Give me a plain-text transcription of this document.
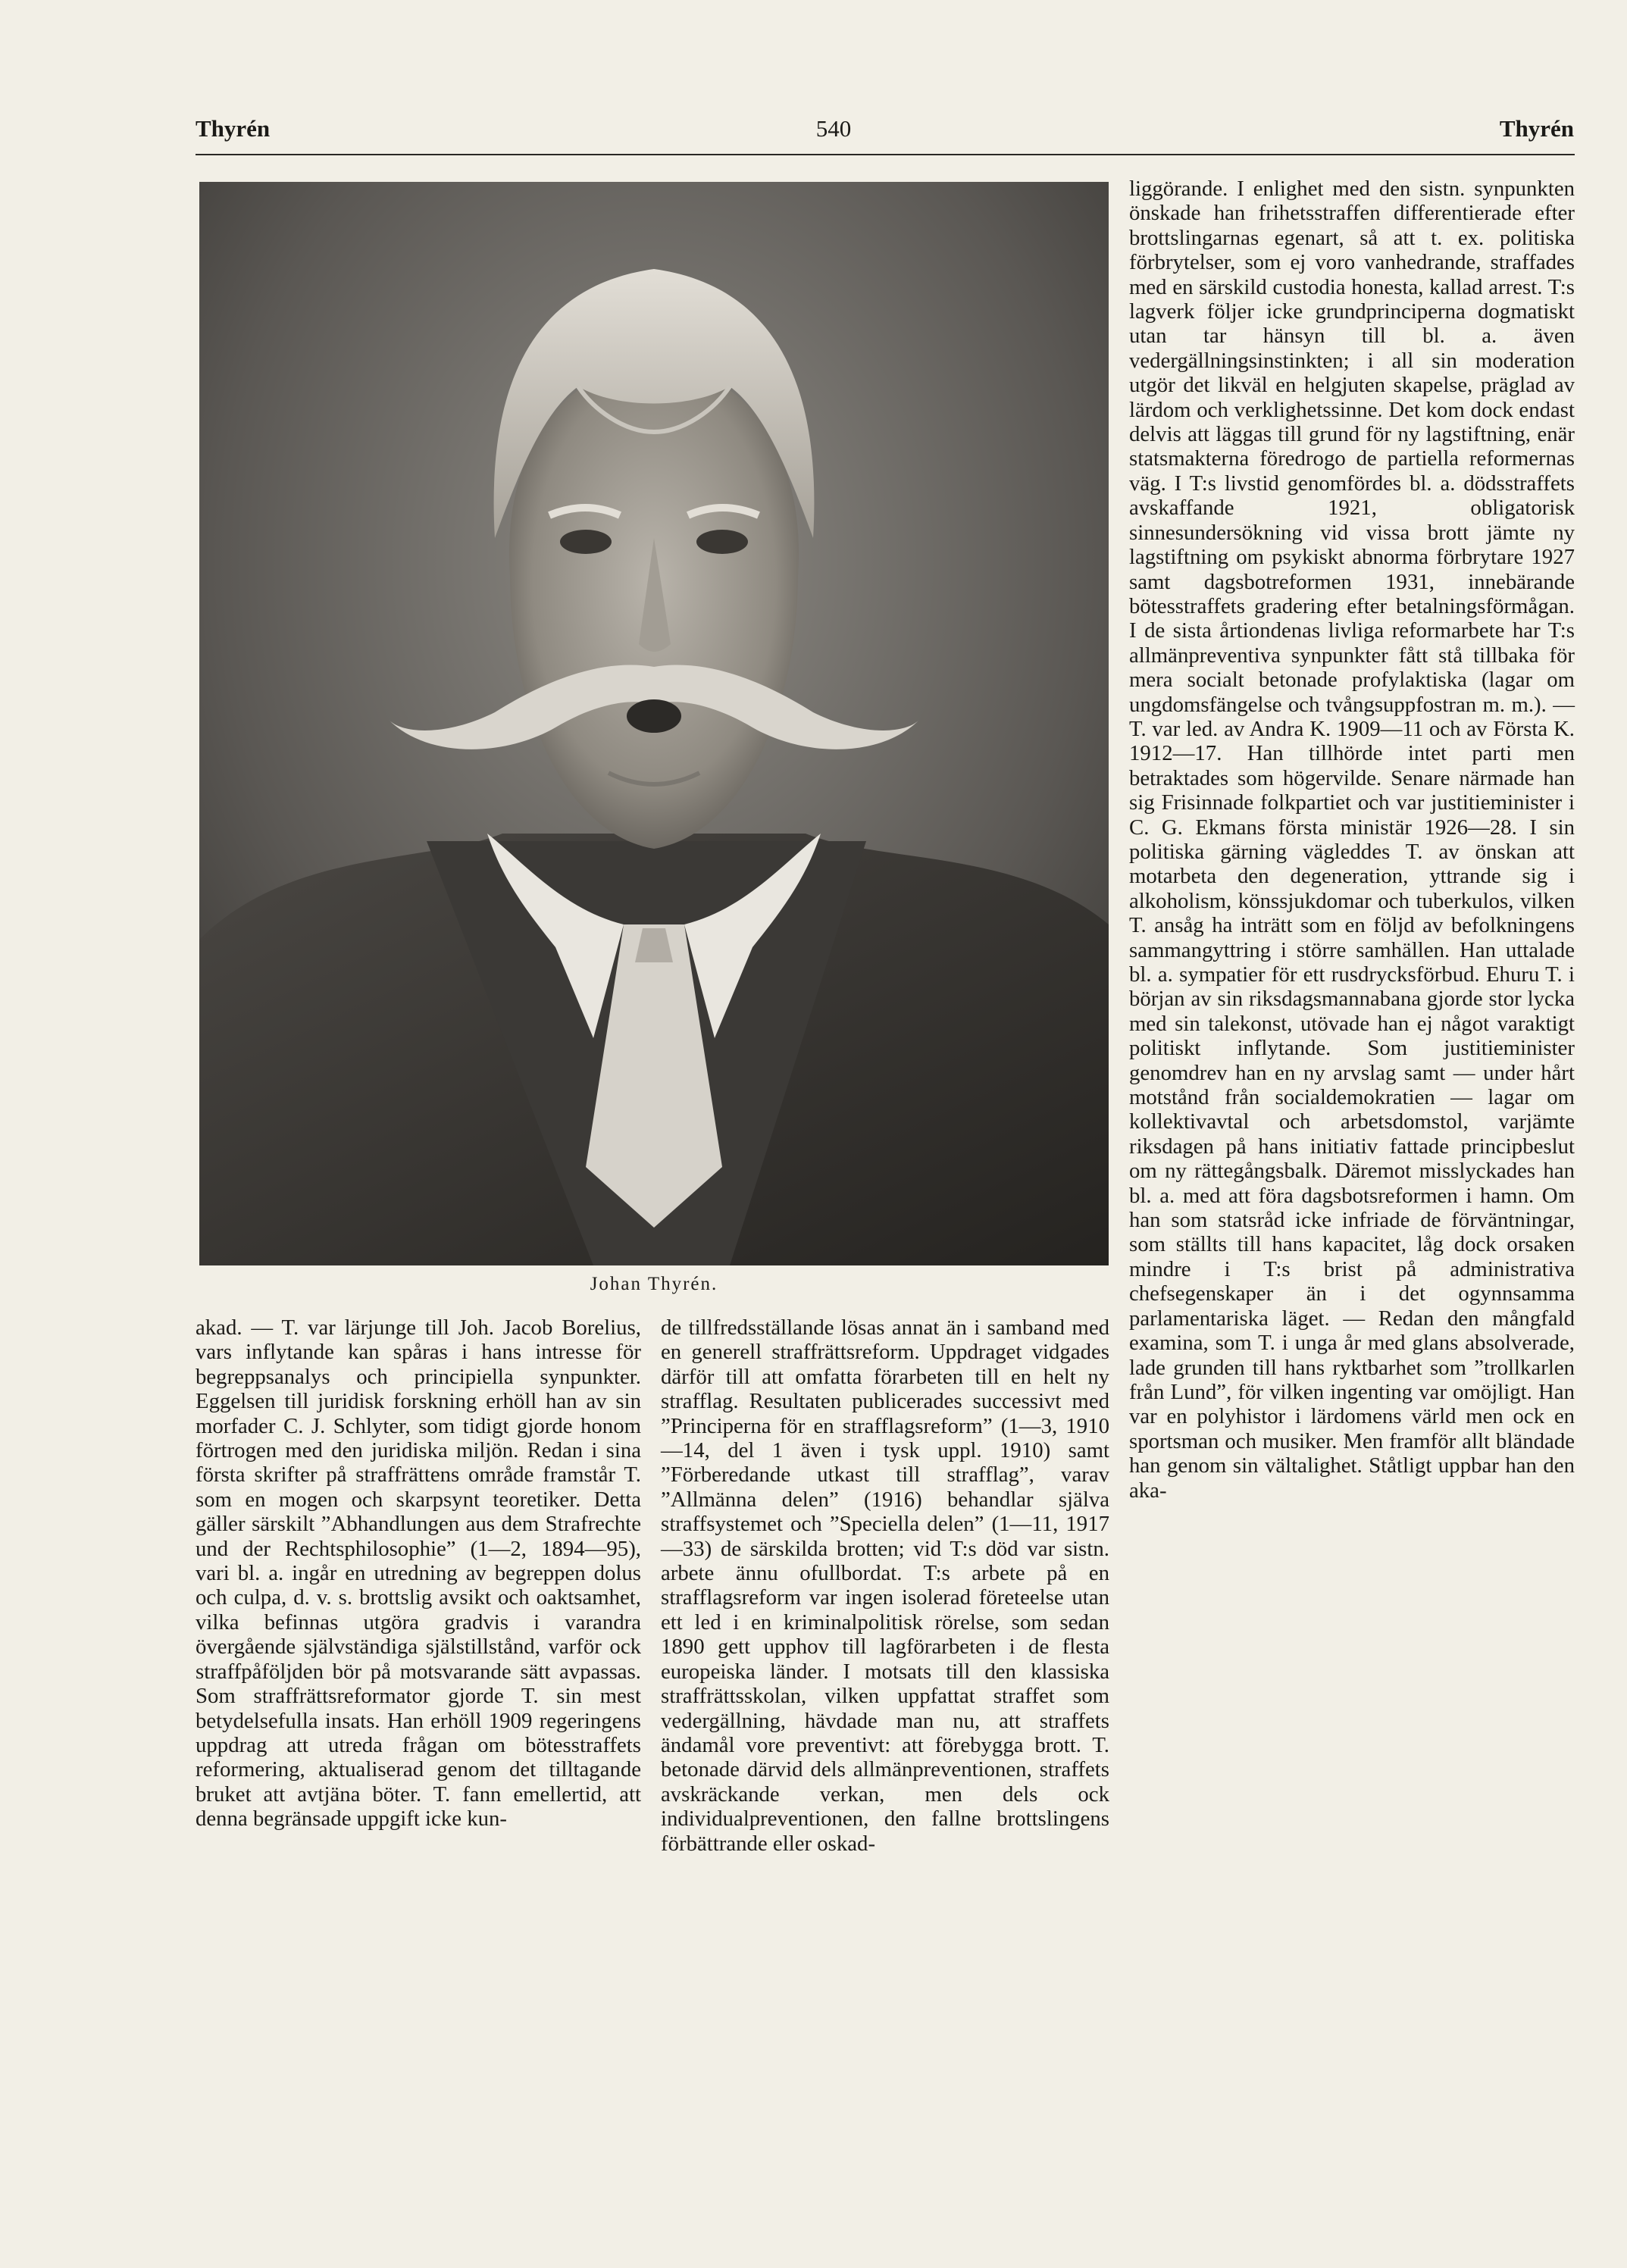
Thyrén	540	Thyrén
Johan Thyrén.
akad. — T. var lärjunge till Joh. Jacob Borelius, vars inflytande kan spåras i hans intresse för begreppsanalys och principiella synpunkter. Eggelsen till juridisk forskning erhöll han av sin morfader C. J. Schlyter, som tidigt gjorde honom förtrogen med den juridiska miljön. Redan i sina första skrifter på straffrättens område framstår T. som en mogen och skarpsynt teoretiker. Detta gäller särskilt ”Abhandlungen aus dem Strafrechte und der Rechtsphilosophie” (1—2, 1894—95), vari bl. a. ingår en utredning av begreppen dolus och culpa, d. v. s. brottslig avsikt och oaktsamhet, vilka befinnas utgöra gradvis i varandra övergående självständiga själstillstånd, varför ock straffpåföljden bör på motsvarande sätt avpassas. Som straffrättsreformator gjorde T. sin mest betydelsefulla insats. Han erhöll 1909 regeringens uppdrag att utreda frågan om bötesstraffets reformering, aktualiserad genom det tilltagande bruket att avtjäna böter. T. fann emellertid, att denna begränsade uppgift icke kun-
de tillfredsställande lösas annat än i samband med en generell straffrättsreform. Uppdraget vidgades därför till att omfatta förarbeten till en helt ny strafflag. Resultaten publicerades successivt med ”Principerna för en strafflagsreform” (1—3, 1910—14, del 1 även i tysk uppl. 1910) samt ”Förberedande utkast till strafflag”, varav ”Allmänna delen” (1916) behandlar själva straffsystemet och ”Speciella delen” (1—11, 1917—33) de särskilda brotten; vid T:s död var sistn. arbete ännu ofullbordat. T:s arbete på en strafflagsreform var ingen isolerad företeelse utan ett led i en kriminalpolitisk rörelse, som sedan 1890 gett upphov till lagförarbeten i de flesta europeiska länder. I motsats till den klassiska straffrättsskolan, vilken uppfattat straffet som vedergällning, hävdade man nu, att straffets ändamål vore preventivt: att förebygga brott. T. betonade därvid dels allmänpreventionen, straffets avskräckande verkan, men dels ock individualpreventionen, den fallne brottslingens förbättrande eller oskad-
liggörande. I enlighet med den sistn. synpunkten önskade han frihetsstraffen differentierade efter brottslingarnas egenart, så att t. ex. politiska förbrytelser, som ej voro vanhedrande, straffades med en särskild custodia honesta, kallad arrest. T:s lagverk följer icke grundprinciperna dogmatiskt utan tar hänsyn till bl. a. även vedergällningsinstinkten; i all sin moderation utgör det likväl en helgjuten skapelse, präglad av lärdom och verklighetssinne. Det kom dock endast delvis att läggas till grund för ny lagstiftning, enär statsmakterna föredrogo de partiella reformernas väg. I T:s livstid genomfördes bl. a. dödsstraffets avskaffande 1921, obligatorisk sinnesundersökning vid vissa brott jämte ny lagstiftning om psykiskt abnorma förbrytare 1927 samt dagsbotreformen 1931, innebärande bötesstraffets gradering efter betalningsförmågan. I de sista årtiondenas livliga reformarbete har T:s allmänpreventiva synpunkter fått stå tillbaka för mera socialt betonade profylaktiska (lagar om ungdomsfängelse och tvångsuppfostran m. m.). — T. var led. av Andra K. 1909—11 och av Första K. 1912—17. Han tillhörde intet parti men betraktades som högervilde. Senare närmade han sig Frisinnade folkpartiet och var justitieminister i C. G. Ekmans första ministär 1926—28. I sin politiska gärning vägleddes T. av önskan att motarbeta den degeneration, yttrande sig i alkoholism, könssjukdomar och tuberkulos, vilken T. ansåg ha inträtt som en följd av befolkningens sammangyttring i större samhällen. Han uttalade bl. a. sympatier för ett rusdrycksförbud. Ehuru T. i början av sin riksdagsmannabana gjorde stor lycka med sin talekonst, utövade han ej något varaktigt politiskt inflytande. Som justitieminister genomdrev han en ny arvslag samt — under hårt motstånd från socialdemokratien — lagar om kollektivavtal och arbetsdomstol, varjämte riksdagen på hans initiativ fattade principbeslut om ny rättegångsbalk. Däremot misslyckades han bl. a. med att föra dagsbotsreformen i hamn. Om han som statsråd icke infriade de förväntningar, som ställts till hans kapacitet, låg dock orsaken mindre i T:s brist på administrativa chefsegenskaper än i det ogynnsamma parlamentariska läget. — Redan den mångfald examina, som T. i unga år med glans absolverade, lade grunden till hans ryktbarhet som ”trollkarlen från Lund”, för vilken ingenting var omöjligt. Han var en polyhistor i lärdomens värld men ock en sportsman och musiker. Men framför allt bländade han genom sin vältalighet. Ståtligt uppbar han den aka-
